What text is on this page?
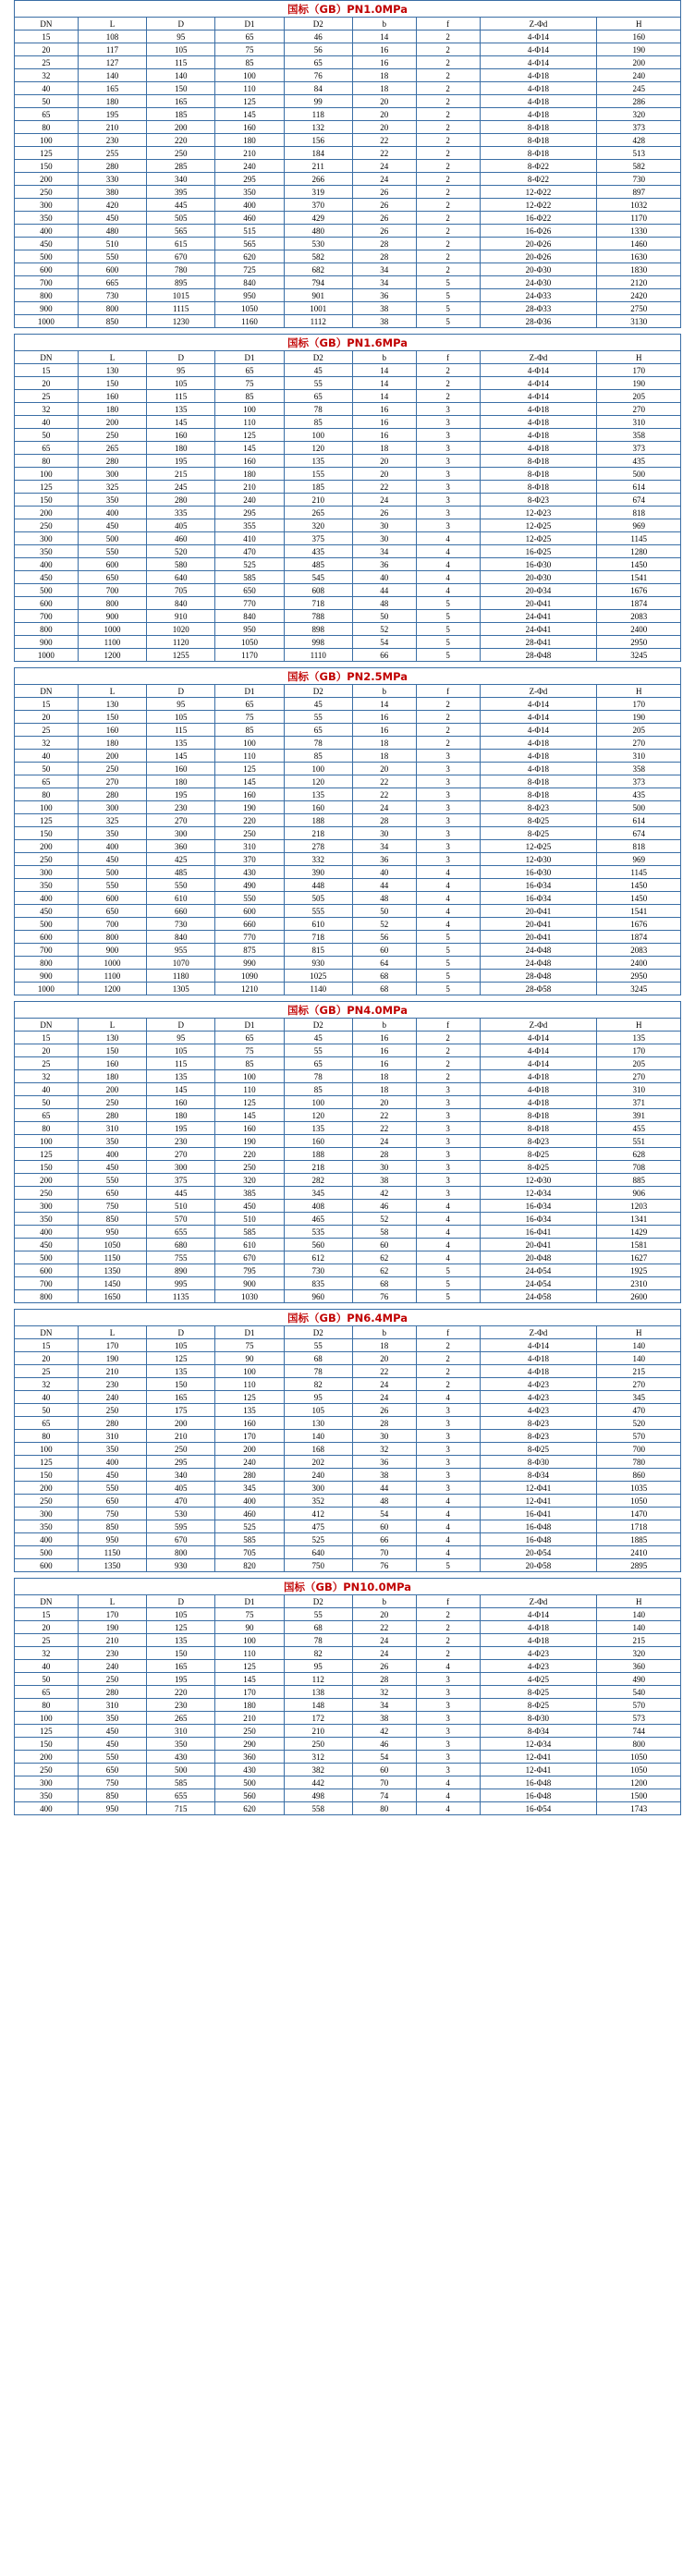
国标（GB）PN1.0MPa								
DN	L	D	D1	D2	b	f	Z-Φd	H
15	108	95	65	46	14	2	4-Φ14	160
20	117	105	75	56	16	2	4-Φ14	190
25	127	115	85	65	16	2	4-Φ14	200
32	140	140	100	76	18	2	4-Φ18	240
40	165	150	110	84	18	2	4-Φ18	245
50	180	165	125	99	20	2	4-Φ18	286
65	195	185	145	118	20	2	4-Φ18	320
80	210	200	160	132	20	2	8-Φ18	373
100	230	220	180	156	22	2	8-Φ18	428
125	255	250	210	184	22	2	8-Φ18	513
150	280	285	240	211	24	2	8-Φ22	582
200	330	340	295	266	24	2	8-Φ22	730
250	380	395	350	319	26	2	12-Φ22	897
300	420	445	400	370	26	2	12-Φ22	1032
350	450	505	460	429	26	2	16-Φ22	1170
400	480	565	515	480	26	2	16-Φ26	1330
450	510	615	565	530	28	2	20-Φ26	1460
500	550	670	620	582	28	2	20-Φ26	1630
600	600	780	725	682	34	2	20-Φ30	1830
700	665	895	840	794	34	5	24-Φ30	2120
800	730	1015	950	901	36	5	24-Φ33	2420
900	800	1115	1050	1001	38	5	28-Φ33	2750
1000	850	1230	1160	1112	38	5	28-Φ36	3130
国标（GB）PN1.6MPa								
DN	L	D	D1	D2	b	f	Z-Φd	H
15	130	95	65	45	14	2	4-Φ14	170
20	150	105	75	55	14	2	4-Φ14	190
25	160	115	85	65	14	2	4-Φ14	205
32	180	135	100	78	16	3	4-Φ18	270
40	200	145	110	85	16	3	4-Φ18	310
50	250	160	125	100	16	3	4-Φ18	358
65	265	180	145	120	18	3	4-Φ18	373
80	280	195	160	135	20	3	8-Φ18	435
100	300	215	180	155	20	3	8-Φ18	500
125	325	245	210	185	22	3	8-Φ18	614
150	350	280	240	210	24	3	8-Φ23	674
200	400	335	295	265	26	3	12-Φ23	818
250	450	405	355	320	30	3	12-Φ25	969
300	500	460	410	375	30	4	12-Φ25	1145
350	550	520	470	435	34	4	16-Φ25	1280
400	600	580	525	485	36	4	16-Φ30	1450
450	650	640	585	545	40	4	20-Φ30	1541
500	700	705	650	608	44	4	20-Φ34	1676
600	800	840	770	718	48	5	20-Φ41	1874
700	900	910	840	788	50	5	24-Φ41	2083
800	1000	1020	950	898	52	5	24-Φ41	2400
900	1100	1120	1050	998	54	5	28-Φ41	2950
1000	1200	1255	1170	1110	66	5	28-Φ48	3245
国标（GB）PN2.5MPa								
DN	L	D	D1	D2	b	f	Z-Φd	H
15	130	95	65	45	14	2	4-Φ14	170
20	150	105	75	55	16	2	4-Φ14	190
25	160	115	85	65	16	2	4-Φ14	205
32	180	135	100	78	18	2	4-Φ18	270
40	200	145	110	85	18	3	4-Φ18	310
50	250	160	125	100	20	3	4-Φ18	358
65	270	180	145	120	22	3	8-Φ18	373
80	280	195	160	135	22	3	8-Φ18	435
100	300	230	190	160	24	3	8-Φ23	500
125	325	270	220	188	28	3	8-Φ25	614
150	350	300	250	218	30	3	8-Φ25	674
200	400	360	310	278	34	3	12-Φ25	818
250	450	425	370	332	36	3	12-Φ30	969
300	500	485	430	390	40	4	16-Φ30	1145
350	550	550	490	448	44	4	16-Φ34	1450
400	600	610	550	505	48	4	16-Φ34	1450
450	650	660	600	555	50	4	20-Φ41	1541
500	700	730	660	610	52	4	20-Φ41	1676
600	800	840	770	718	56	5	20-Φ41	1874
700	900	955	875	815	60	5	24-Φ48	2083
800	1000	1070	990	930	64	5	24-Φ48	2400
900	1100	1180	1090	1025	68	5	28-Φ48	2950
1000	1200	1305	1210	1140	68	5	28-Φ58	3245
国标（GB）PN4.0MPa								
DN	L	D	D1	D2	b	f	Z-Φd	H
15	130	95	65	45	16	2	4-Φ14	135
20	150	105	75	55	16	2	4-Φ14	170
25	160	115	85	65	16	2	4-Φ14	205
32	180	135	100	78	18	2	4-Φ18	270
40	200	145	110	85	18	3	4-Φ18	310
50	250	160	125	100	20	3	4-Φ18	371
65	280	180	145	120	22	3	8-Φ18	391
80	310	195	160	135	22	3	8-Φ18	455
100	350	230	190	160	24	3	8-Φ23	551
125	400	270	220	188	28	3	8-Φ25	628
150	450	300	250	218	30	3	8-Φ25	708
200	550	375	320	282	38	3	12-Φ30	885
250	650	445	385	345	42	3	12-Φ34	906
300	750	510	450	408	46	4	16-Φ34	1203
350	850	570	510	465	52	4	16-Φ34	1341
400	950	655	585	535	58	4	16-Φ41	1429
450	1050	680	610	560	60	4	20-Φ41	1581
500	1150	755	670	612	62	4	20-Φ48	1627
600	1350	890	795	730	62	5	24-Φ54	1925
700	1450	995	900	835	68	5	24-Φ54	2310
800	1650	1135	1030	960	76	5	24-Φ58	2600
国标（GB）PN6.4MPa								
DN	L	D	D1	D2	b	f	Z-Φd	H
15	170	105	75	55	18	2	4-Φ14	140
20	190	125	90	68	20	2	4-Φ18	140
25	210	135	100	78	22	2	4-Φ18	215
32	230	150	110	82	24	2	4-Φ23	270
40	240	165	125	95	24	4	4-Φ23	345
50	250	175	135	105	26	3	4-Φ23	470
65	280	200	160	130	28	3	8-Φ23	520
80	310	210	170	140	30	3	8-Φ23	570
100	350	250	200	168	32	3	8-Φ25	700
125	400	295	240	202	36	3	8-Φ30	780
150	450	340	280	240	38	3	8-Φ34	860
200	550	405	345	300	44	3	12-Φ41	1035
250	650	470	400	352	48	4	12-Φ41	1050
300	750	530	460	412	54	4	16-Φ41	1470
350	850	595	525	475	60	4	16-Φ48	1718
400	950	670	585	525	66	4	16-Φ48	1885
500	1150	800	705	640	70	4	20-Φ54	2410
600	1350	930	820	750	76	5	20-Φ58	2895
国标（GB）PN10.0MPa								
DN	L	D	D1	D2	b	f	Z-Φd	H
15	170	105	75	55	20	2	4-Φ14	140
20	190	125	90	68	22	2	4-Φ18	140
25	210	135	100	78	24	2	4-Φ18	215
32	230	150	110	82	24	2	4-Φ23	320
40	240	165	125	95	26	4	4-Φ23	360
50	250	195	145	112	28	3	4-Φ25	490
65	280	220	170	138	32	3	8-Φ25	540
80	310	230	180	148	34	3	8-Φ25	570
100	350	265	210	172	38	3	8-Φ30	573
125	450	310	250	210	42	3	8-Φ34	744
150	450	350	290	250	46	3	12-Φ34	800
200	550	430	360	312	54	3	12-Φ41	1050
250	650	500	430	382	60	3	12-Φ41	1050
300	750	585	500	442	70	4	16-Φ48	1200
350	850	655	560	498	74	4	16-Φ48	1500
400	950	715	620	558	80	4	16-Φ54	1743
